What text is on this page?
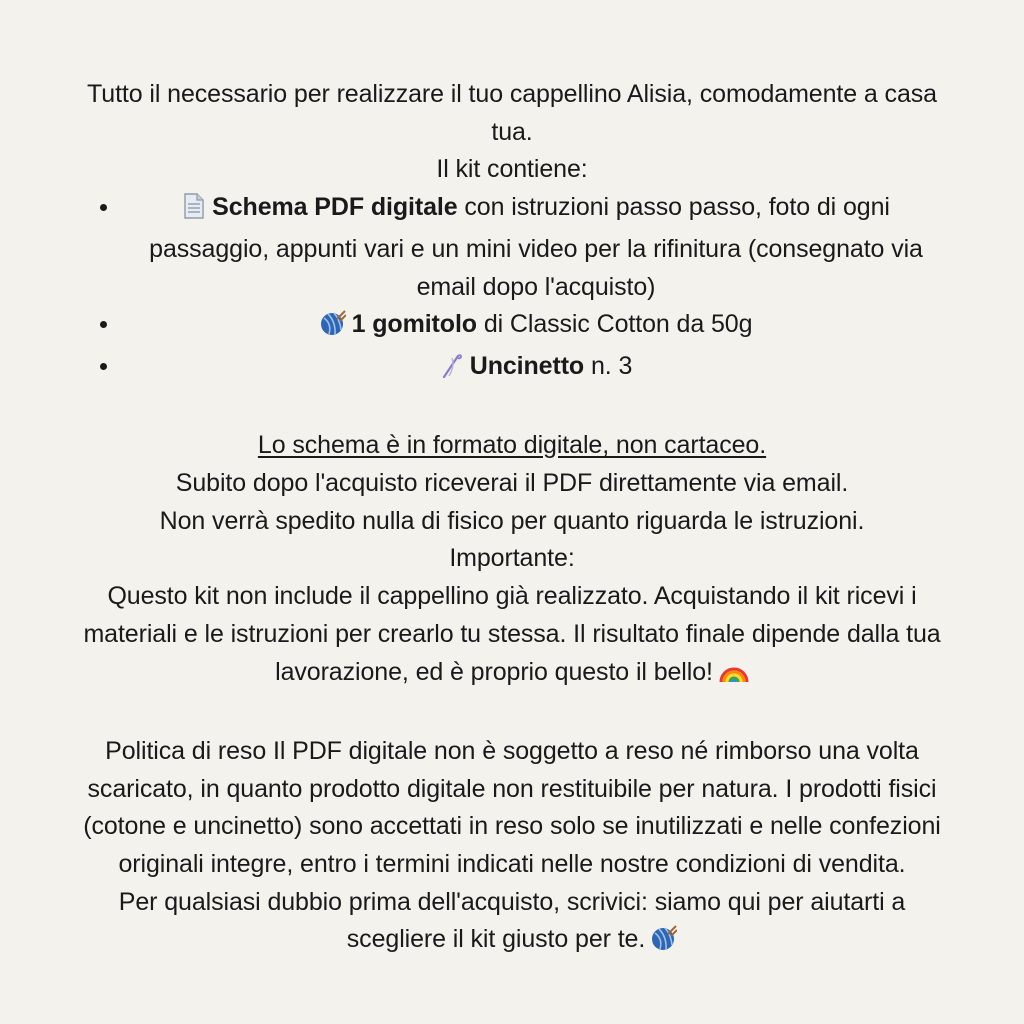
Tutto il necessario per realizzare il tuo cappellino Alisia, comodamente a casa tua.
Il kit contiene:
Schema PDF digitale con istruzioni passo passo, foto di ogni passaggio, appunti vari e un mini video per la rifinitura (consegnato via email dopo l'acquisto)
1 gomitolo di Classic Cotton da 50g
Uncinetto n. 3
Lo schema è in formato digitale, non cartaceo.
Subito dopo l'acquisto riceverai il PDF direttamente via email.
Non verrà spedito nulla di fisico per quanto riguarda le istruzioni.
Importante:
Questo kit non include il cappellino già realizzato. Acquistando il kit ricevi i materiali e le istruzioni per crearlo tu stessa. Il risultato finale dipende dalla tua lavorazione, ed è proprio questo il bello!
Politica di reso Il PDF digitale non è soggetto a reso né rimborso una volta scaricato, in quanto prodotto digitale non restituibile per natura. I prodotti fisici (cotone e uncinetto) sono accettati in reso solo se inutilizzati e nelle confezioni originali integre, entro i termini indicati nelle nostre condizioni di vendita.
Per qualsiasi dubbio prima dell'acquisto, scrivici: siamo qui per aiutarti a scegliere il kit giusto per te.
